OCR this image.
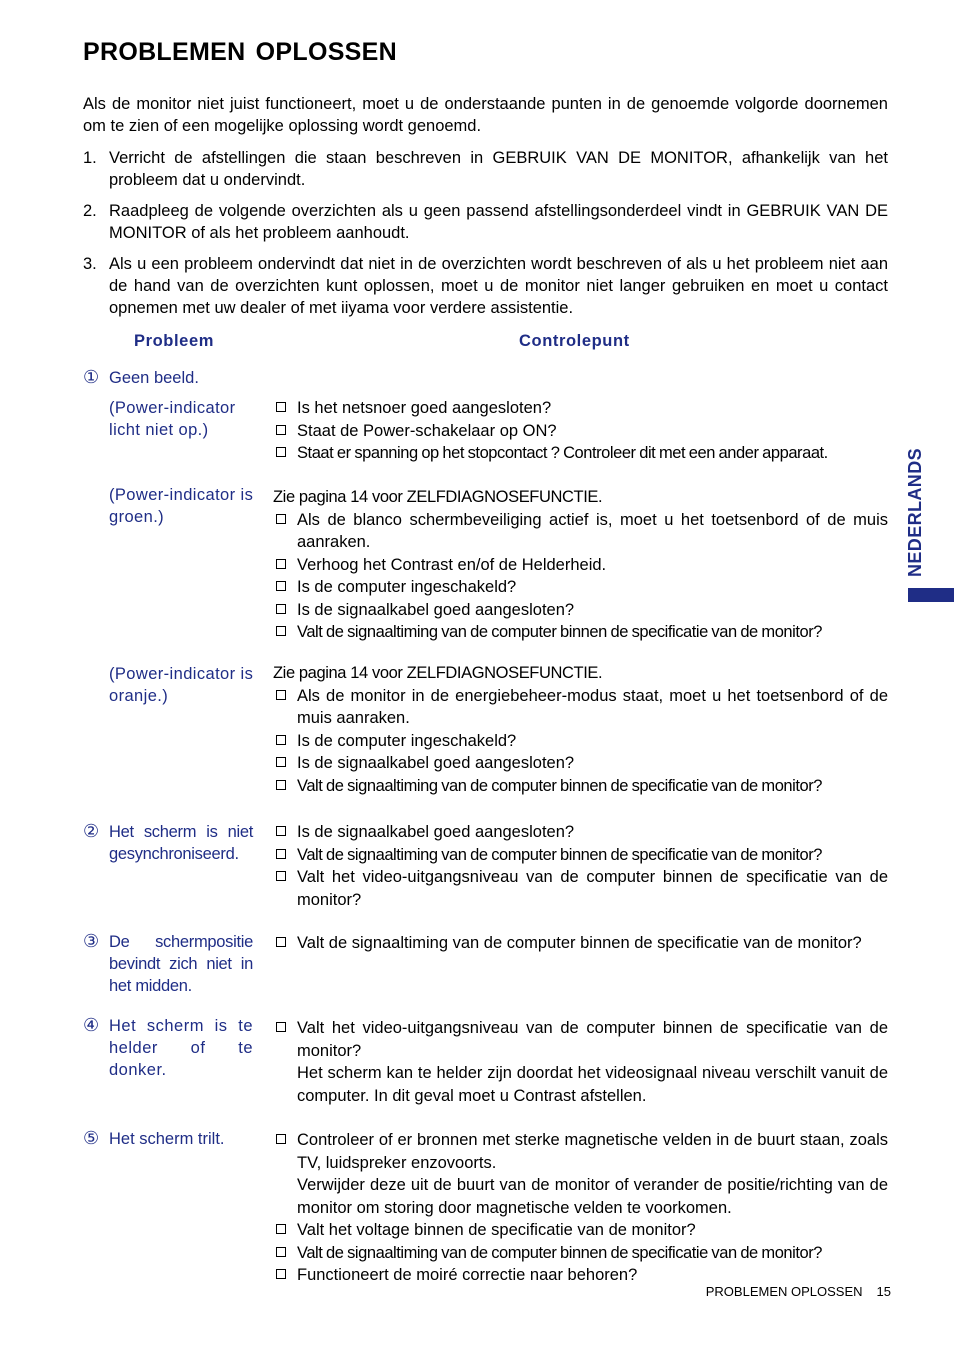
PROBLEMEN OPLOSSEN
Als de monitor niet juist functioneert, moet u de onderstaande punten in de genoemde volgorde doornemen om te zien of een mogelijke oplossing wordt genoemd.
1. Verricht de afstellingen die staan beschreven in GEBRUIK VAN DE MONITOR, afhankelijk van het probleem dat u ondervindt.
2. Raadpleeg de volgende overzichten als u geen passend afstellingsonderdeel vindt in GEBRUIK VAN DE MONITOR of als het probleem aanhoudt.
3. Als u een probleem ondervindt dat niet in de overzichten wordt beschreven of als u het probleem niet aan de hand van de overzichten kunt oplossen, moet u de monitor niet langer gebruiken en moet u contact opnemen met uw dealer of met iiyama voor verdere assistentie.
Probleem	Controlepunt
① Geen beeld.
(Power-indicator licht niet op.)
Is het netsnoer goed aangesloten?
Staat de Power-schakelaar op ON?
Staat er spanning op het stopcontact ? Controleer dit met een ander apparaat.
(Power-indicator is groen.)
Zie pagina 14 voor ZELFDIAGNOSEFUNCTIE.
Als de blanco schermbeveiliging actief is, moet u het toetsenbord of de muis aanraken.
Verhoog het Contrast en/of de Helderheid.
Is de computer ingeschakeld?
Is de signaalkabel goed aangesloten?
Valt de signaaltiming van de computer binnen de specificatie van de monitor?
(Power-indicator is oranje.)
Zie pagina 14 voor ZELFDIAGNOSEFUNCTIE.
Als de monitor in de energiebeheer-modus staat, moet u het toetsenbord of de muis aanraken.
Is de computer ingeschakeld?
Is de signaalkabel goed aangesloten?
Valt de signaaltiming van de computer binnen de specificatie van de monitor?
② Het scherm is niet gesynchroniseerd.
Is de signaalkabel goed aangesloten?
Valt de signaaltiming van de computer binnen de specificatie van de monitor?
Valt het video-uitgangsniveau van de computer binnen de specificatie van de monitor?
③ De schermpositie bevindt zich niet in het midden.
Valt de signaaltiming van de computer binnen de specificatie van de monitor?
④ Het scherm is te helder of te donker.
Valt het video-uitgangsniveau van de computer binnen de specificatie van de monitor?
Het scherm kan te helder zijn doordat het videosignaal niveau verschilt vanuit de computer. In dit geval moet u Contrast afstellen.
⑤ Het scherm trilt.	Controleer of er bronnen met sterke magnetische velden in de buurt staan, zoals TV, luidspreker enzovoorts.
Verwijder deze uit de buurt van de monitor of verander de positie/richting van de monitor om storing door magnetische velden te voorkomen.
Valt het voltage binnen de specificatie van de monitor?
Valt de signaaltiming van de computer binnen de specificatie van de monitor?
Functioneert de moiré correctie naar behoren?
NEDERLANDS
PROBLEMEN OPLOSSEN 15
